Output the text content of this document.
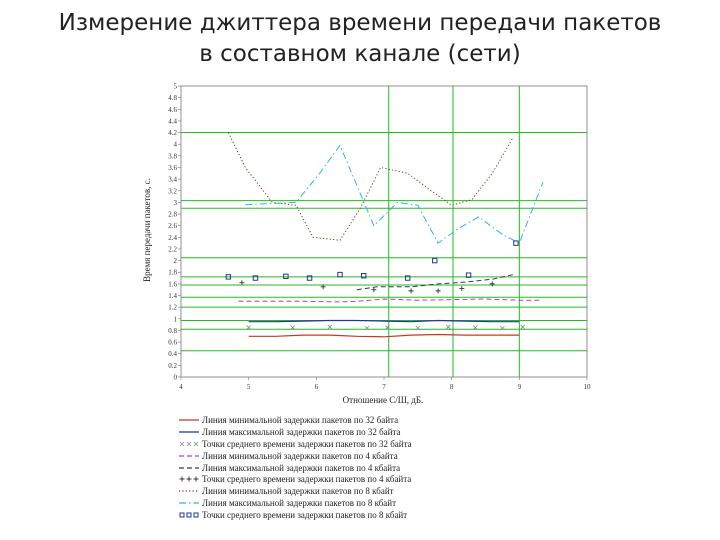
Измерение джиттера времени передачи пакетов
в составном канале (сети)
0
0.2
0.4
0.6
0.8
1
1.2
1.4
1.6
1.8
2
2.2
2.4
2.6
2.8
3
3.2
3.4
3.6
3.8
4
4.2
4.4
4.6
4.8
5
4	5	6	7	8	9	10
Отношение С/Ш, дБ.
Время передачи пакетов, с.
Линия минимальной задержки пакетов по 32 байта
Линия максимальной задержки пакетов по 32 байта
Точки среднего времени задержки пакетов по 32 байта
Линия минимальной задержки пакетов по 4 кбайта
Линия максимальной задержки пакетов по 4 кбайта
Точки среднего времени задержки пакетов по 4 кбайта
Линия минимальной задержки пакетов по 8 кбайт
Линия максимальной задержки пакетов по 8 кбайт
Точки среднего времени задержки пакетов по 8 кбайт
